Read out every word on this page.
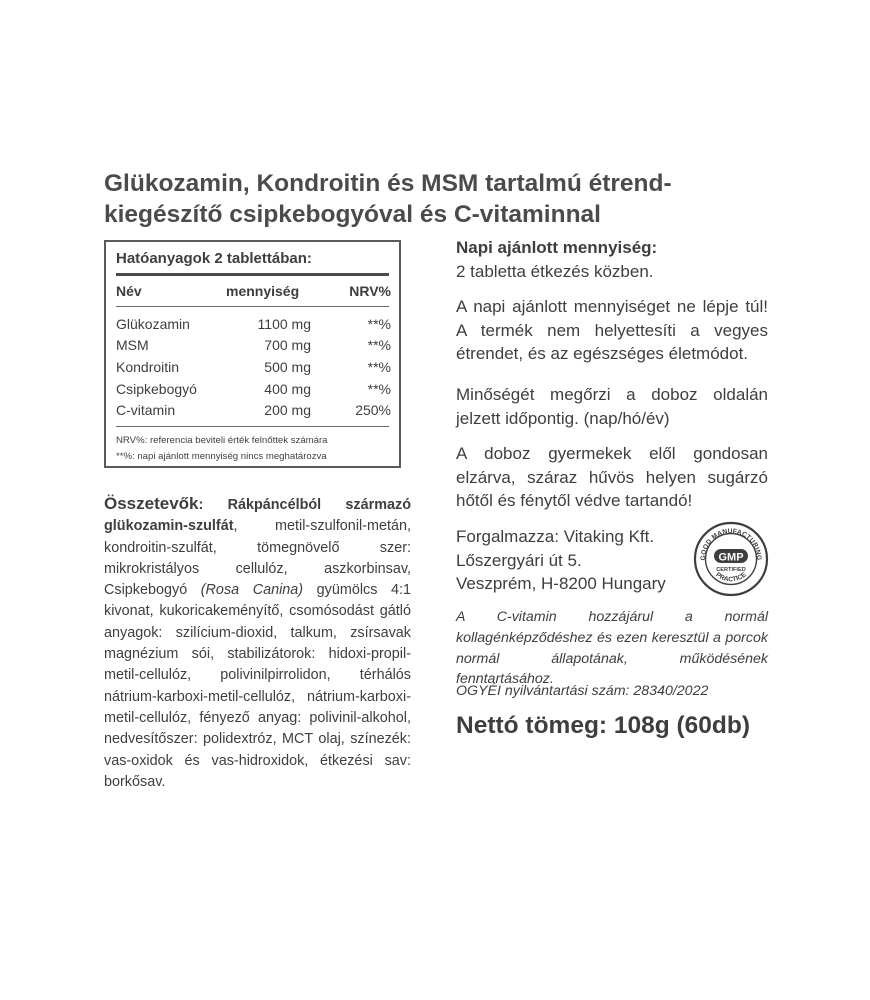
Glükozamin, Kondroitin és MSM tartalmú étrend-
kiegészítő csipkebogyóval és C-vitaminnal
Hatóanyagok 2 tablettában:
Név	mennyiség	NRV%
Glükozamin	1100 mg	**%
MSM	700 mg	**%
Kondroitin	500 mg	**%
Csipkebogyó	400 mg	**%
C-vitamin	200 mg	250%
NRV%: referencia beviteli érték felnőttek számára
**%: napi ajánlott mennyiség nincs meghatározva
Összetevők: Rákpáncélból származó glükozamin-szulfát, metil-szulfonil-metán, kondroitin-szulfát, tömegnövelő szer: mikrokristályos cellulóz, aszkorbinsav, Csipkebogyó (Rosa Canina) gyümölcs 4:1 kivonat, kukoricakeményítő, csomósodást gátló anyagok: szilícium-dioxid, talkum, zsírsavak magnézium sói, stabilizátorok: hidoxi-propil-metil-cellulóz, polivinilpirrolidon, térhálós nátrium-karboxi-metil-cellulóz, nátrium-karboxi-metil-cellulóz, fényező anyag: polivinil-alkohol, nedvesítőszer: polidextróz, MCT olaj, színezék: vas-oxidok és vas-hidroxidok, étkezési sav: borkősav.
Napi ajánlott mennyiség:
2 tabletta étkezés közben.
A napi ajánlott mennyiséget ne lépje túl! A termék nem helyettesíti a vegyes étrendet, és az egészséges életmódot.
Minőségét megőrzi a doboz oldalán jelzett időpontig. (nap/hó/év)
A doboz gyermekek elől gondosan elzárva, száraz hűvös helyen sugárzó hőtől és fénytől védve tartandó!
Forgalmazza: Vitaking Kft.
Lőszergyári út 5.
Veszprém, H-8200 Hungary
GOOD MANUFACTURING
PRACTICE
GMP
CERTIFIED
A C-vitamin hozzájárul a normál kollagénképződéshez és ezen keresztül a porcok normál állapotának, működésének fenntartásához.
OGYÉI nyilvántartási szám: 28340/2022
Nettó tömeg: 108g (60db)
